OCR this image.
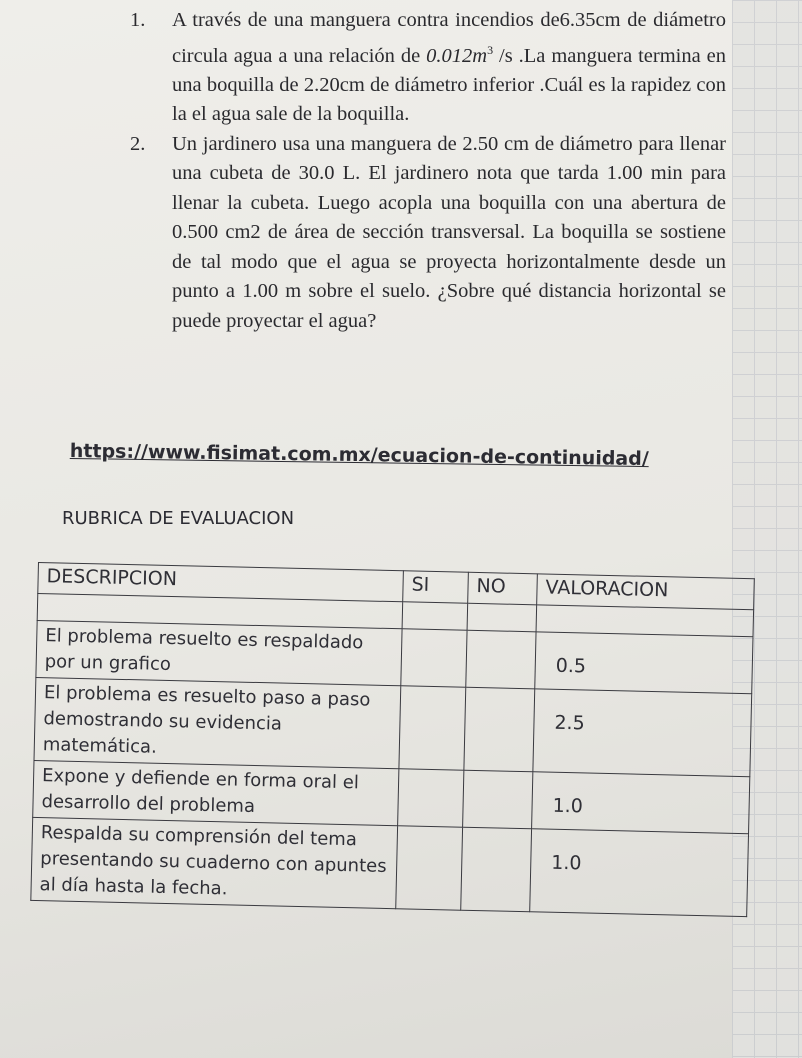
1. A través de una manguera contra incendios de6.35cm de diámetro circula agua a una relación de $0.012m^3$ /s .La manguera termina en una boquilla de 2.20cm de diámetro inferior .Cuál es la rapidez con la el agua sale de la boquilla.
2. Un jardinero usa una manguera de 2.50 cm de diámetro para llenar una cubeta de 30.0 L. El jardinero nota que tarda 1.00 min para llenar la cubeta. Luego acopla una boquilla con una abertura de 0.500 cm2 de área de sección transversal. La boquilla se sostiene de tal modo que el agua se proyecta horizontalmente desde un punto a 1.00 m sobre el suelo. ¿Sobre qué distancia horizontal se puede proyectar el agua?
https://www.fisimat.com.mx/ecuacion-de-continuidad/
RUBRICA DE EVALUACION
DESCRIPCION	SI	NO	VALORACION

El problema resuelto es respaldado por un grafico			0.5
El problema es resuelto paso a paso demostrando su evidencia matemática.			2.5
Expone y defiende en forma oral el desarrollo del problema			1.0
Respalda su comprensión del tema presentando su cuaderno con apuntes al día hasta la fecha.			1.0
